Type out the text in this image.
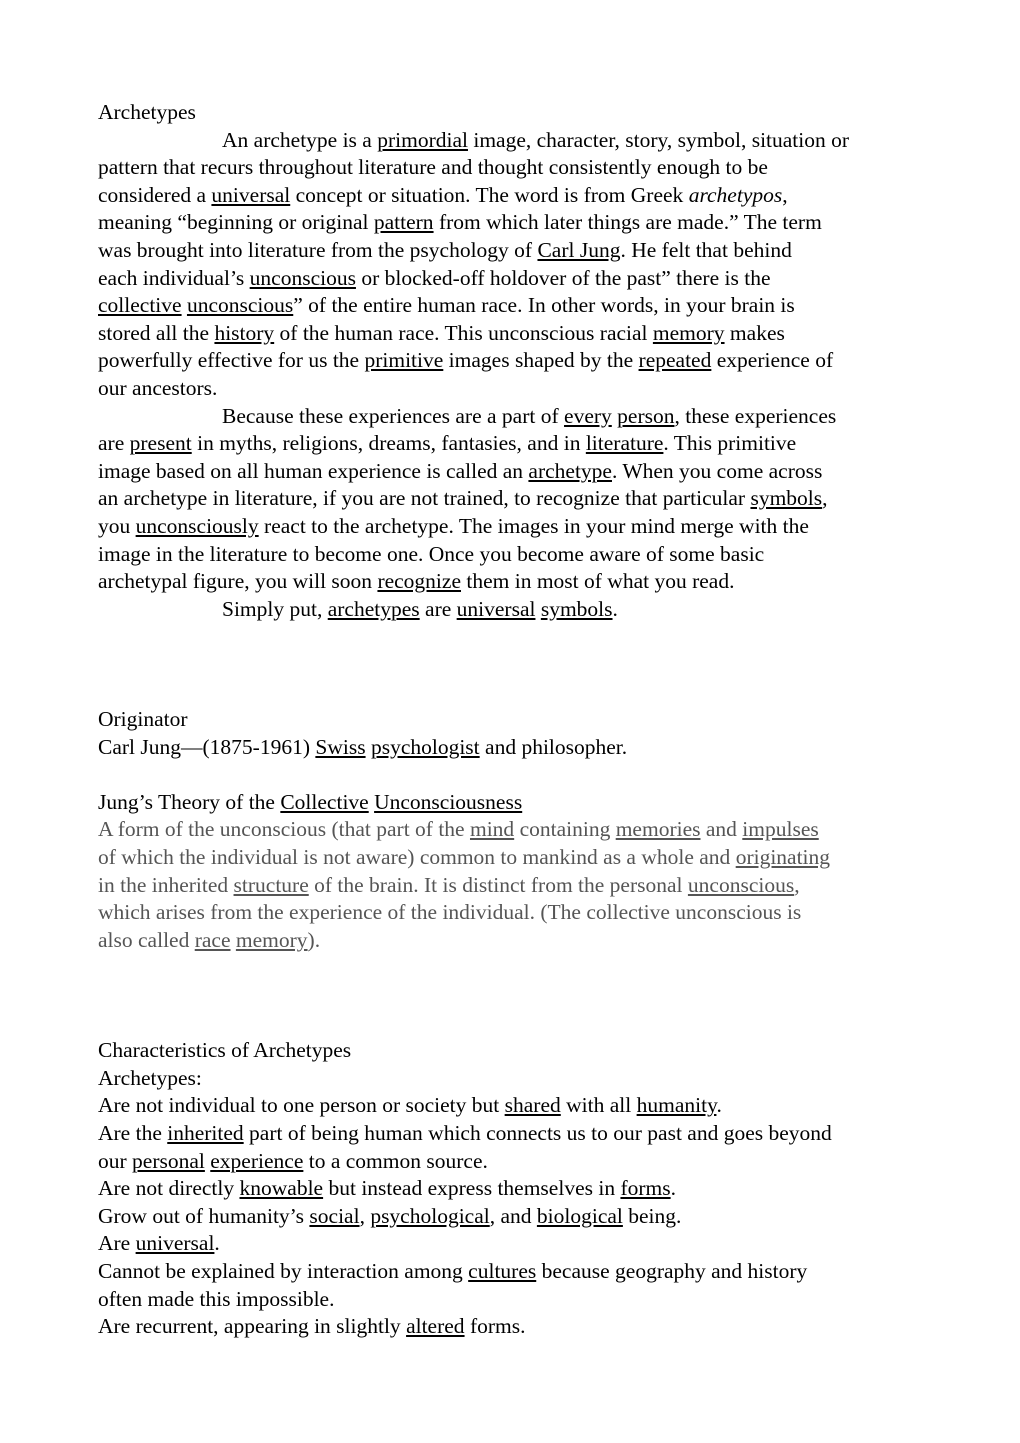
Archetypes
An archetype is a primordial image, character, story, symbol, situation or
pattern that recurs throughout literature and thought consistently enough to be
considered a universal concept or situation. The word is from Greek archetypos,
meaning “beginning or original pattern from which later things are made.” The term
was brought into literature from the psychology of Carl Jung. He felt that behind
each individual’s unconscious or blocked-off holdover of the past” there is the
collective unconscious” of the entire human race. In other words, in your brain is
stored all the history of the human race. This unconscious racial memory makes
powerfully effective for us the primitive images shaped by the repeated experience of
our ancestors.
Because these experiences are a part of every person, these experiences
are present in myths, religions, dreams, fantasies, and in literature. This primitive
image based on all human experience is called an archetype. When you come across
an archetype in literature, if you are not trained, to recognize that particular symbols,
you unconsciously react to the archetype. The images in your mind merge with the
image in the literature to become one. Once you become aware of some basic
archetypal figure, you will soon recognize them in most of what you read.
Simply put, archetypes are universal symbols.
Originator
Carl Jung—(1875-1961) Swiss psychologist and philosopher.
Jung’s Theory of the Collective Unconsciousness
A form of the unconscious (that part of the mind containing memories and impulses
of which the individual is not aware) common to mankind as a whole and originating
in the inherited structure of the brain. It is distinct from the personal unconscious,
which arises from the experience of the individual. (The collective unconscious is
also called race memory).
Characteristics of Archetypes
Archetypes:
Are not individual to one person or society but shared with all humanity.
Are the inherited part of being human which connects us to our past and goes beyond
our personal experience to a common source.
Are not directly knowable but instead express themselves in forms.
Grow out of humanity’s social, psychological, and biological being.
Are universal.
Cannot be explained by interaction among cultures because geography and history
often made this impossible.
Are recurrent, appearing in slightly altered forms.
